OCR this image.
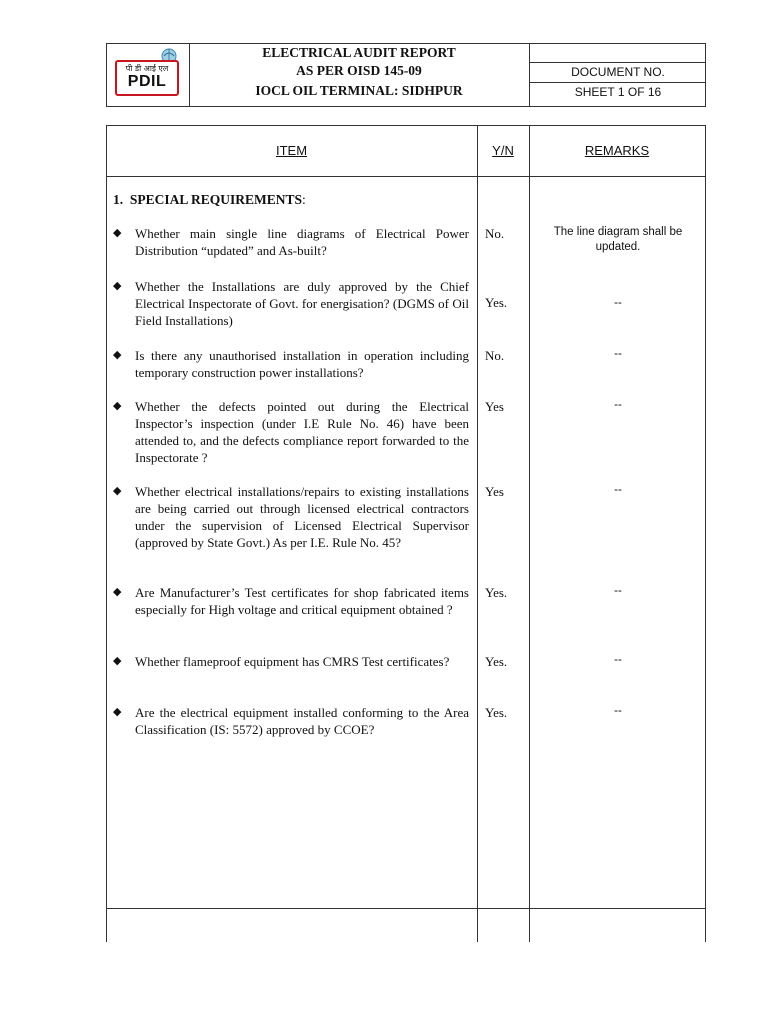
पी डी आई एल
PDIL
ELECTRICAL AUDIT REPORT
AS PER OISD 145-09
IOCL OIL TERMINAL: SIDHPUR
DOCUMENT NO.
SHEET 1 OF 16
ITEM	Y/N	REMARKS
1. SPECIAL REQUIREMENTS:
◆ Whether main single line diagrams of Electrical Power Distribution “updated” and As-built?
No.	The line diagram shall be updated.
◆ Whether the Installations are duly approved by the Chief Electrical Inspectorate of Govt. for energisation? (DGMS of Oil Field Installations)
Yes.	--
◆ Is there any unauthorised installation in operation including temporary construction power installations?
No.	--
◆ Whether the defects pointed out during the Electrical Inspector’s inspection (under I.E Rule No. 46) have been attended to, and the defects compliance report forwarded to the Inspectorate ?
Yes	--
◆ Whether electrical installations/repairs to existing installations are being carried out through licensed electrical contractors under the supervision of Licensed Electrical Supervisor (approved by State Govt.) As per I.E. Rule No. 45?
Yes	--
◆ Are Manufacturer’s Test certificates for shop fabricated items especially for High voltage and critical equipment obtained ?
Yes.	--
◆ Whether flameproof equipment has CMRS Test certificates?	Yes.	--
◆ Are the electrical equipment installed conforming to the Area Classification (IS: 5572) approved by CCOE?
Yes.	--
